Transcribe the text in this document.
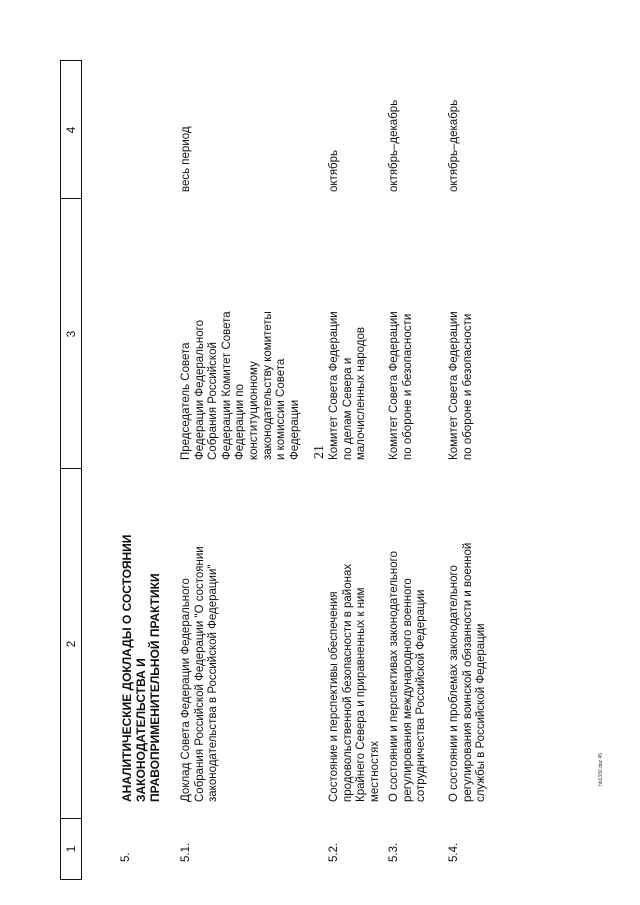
21
hb1330.doc 45
1
2
3
4
5.
АНАЛИТИЧЕСКИЕ ДОКЛАДЫ О СОСТОЯНИИ ЗАКОНОДАТЕЛЬСТВА И ПРАВОПРИМЕНИТЕЛЬНОЙ ПРАКТИКИ
5.1.
Доклад Совета Федерации Федерального Собрания Российской Федерации "О состоянии законодательства в Российской Федерации"
Председатель Совета Федерации Федерального Собрания Российской Федерации Комитет Совета Федерации по конституционному законодательству комитеты и комиссии Совета Федерации
весь период
5.2.
Состояние и перспективы обеспечения продовольственной безопасности в районах Крайнего Севера и приравненных к ним местностях
Комитет Совета Федерации по делам Севера и малочисленных народов
октябрь
5.3.
О состоянии и перспективах законодательного регулирования международного военного сотрудничества Российской Федерации
Комитет Совета Федерации по обороне и безопасности
октябрь–декабрь
5.4.
О состоянии и проблемах законодательного регулирования воинской обязанности и военной службы в Российской Федерации
Комитет Совета Федерации по обороне и безопасности
октябрь–декабрь
